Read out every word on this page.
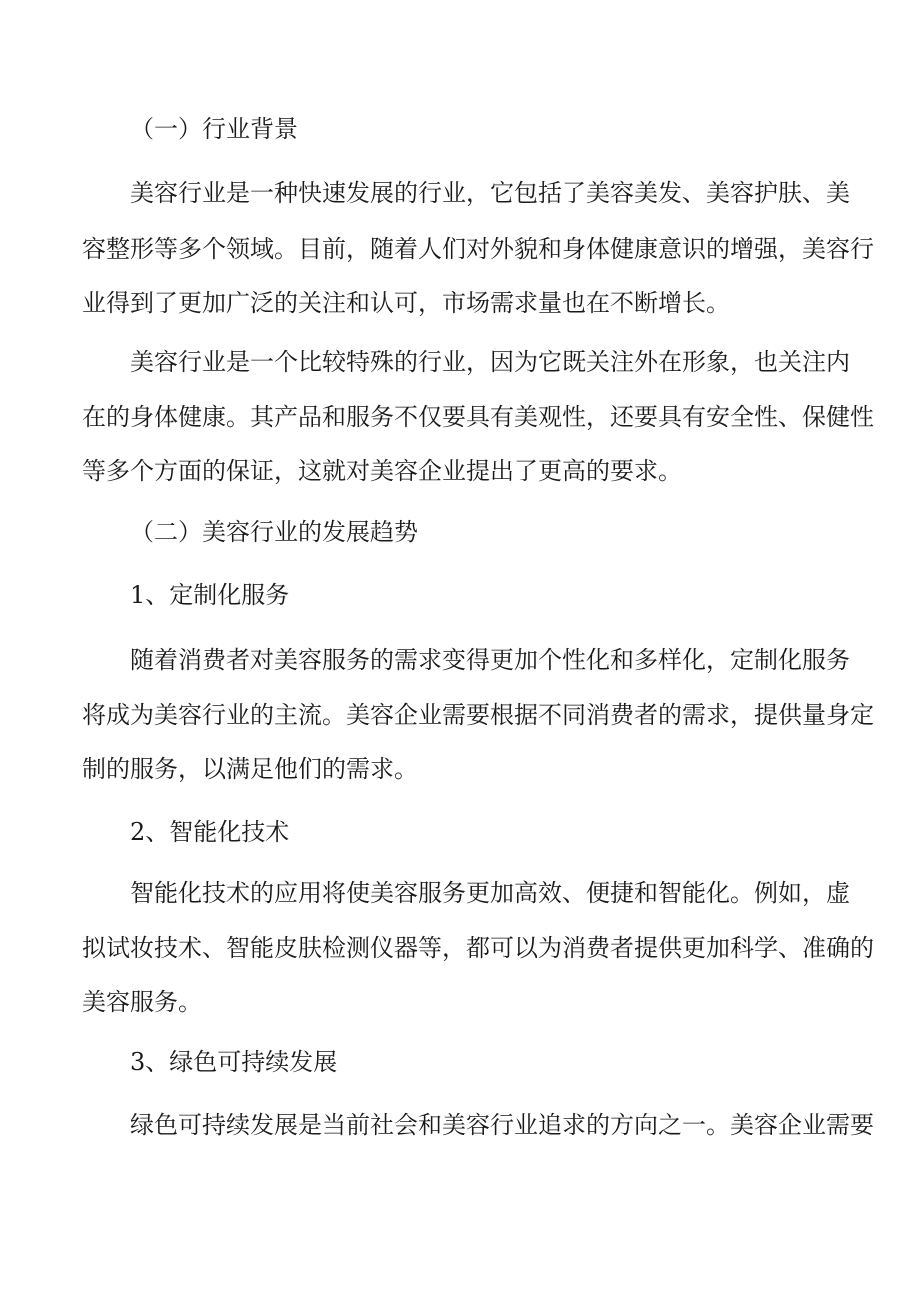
（一）行业背景
美容行业是一种快速发展的行业，它包括了美容美发、美容护肤、美
容整形等多个领域。目前，随着人们对外貌和身体健康意识的增强，美容行
业得到了更加广泛的关注和认可，市场需求量也在不断增长。
美容行业是一个比较特殊的行业，因为它既关注外在形象，也关注内
在的身体健康。其产品和服务不仅要具有美观性，还要具有安全性、保健性
等多个方面的保证，这就对美容企业提出了更高的要求。
（二）美容行业的发展趋势
1、定制化服务
随着消费者对美容服务的需求变得更加个性化和多样化，定制化服务
将成为美容行业的主流。美容企业需要根据不同消费者的需求，提供量身定
制的服务，以满足他们的需求。
2、智能化技术
智能化技术的应用将使美容服务更加高效、便捷和智能化。例如，虚
拟试妆技术、智能皮肤检测仪器等，都可以为消费者提供更加科学、准确的
美容服务。
3、绿色可持续发展
绿色可持续发展是当前社会和美容行业追求的方向之一。美容企业需要
